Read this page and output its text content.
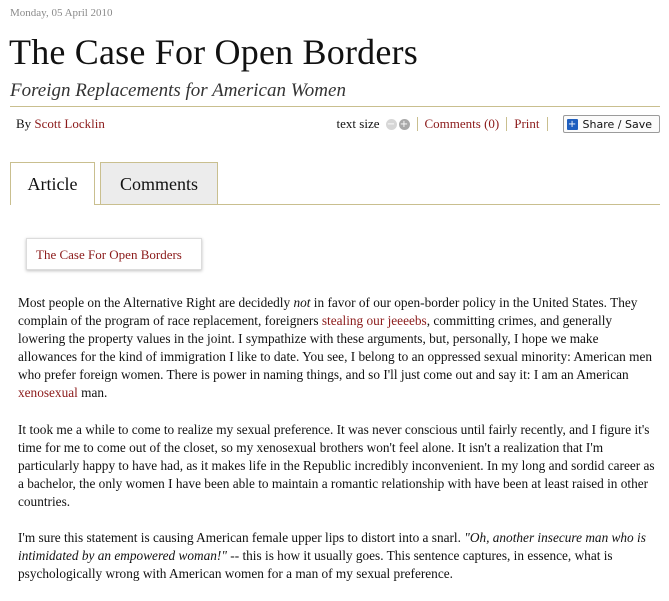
Monday, 05 April 2010
The Case For Open Borders
Foreign Replacements for American Women
By Scott Locklin	text size − + Comments (0) Print	+ Share / Save
Article	Comments
The Case For Open Borders

Most people on the Alternative Right are decidedly not in favor of our open-border policy in the United States. They complain of the program of race replacement, foreigners stealing our jeeeebs, committing crimes, and generally lowering the property values in the joint. I sympathize with these arguments, but, personally, I hope we make allowances for the kind of immigration I like to date. You see, I belong to an oppressed sexual minority: American men who prefer foreign women. There is power in naming things, and so I'll just come out and say it: I am an American xenosexual man.

It took me a while to come to realize my sexual preference. It was never conscious until fairly recently, and I figure it's time for me to come out of the closet, so my xenosexual brothers won't feel alone. It isn't a realization that I'm particularly happy to have had, as it makes life in the Republic incredibly inconvenient. In my long and sordid career as a bachelor, the only women I have been able to maintain a romantic relationship with have been at least raised in other countries.

I'm sure this statement is causing American female upper lips to distort into a snarl. "Oh, another insecure man who is intimidated by an empowered woman!" -- this is how it usually goes. This sentence captures, in essence, what is psychologically wrong with American women for a man of my sexual preference.
